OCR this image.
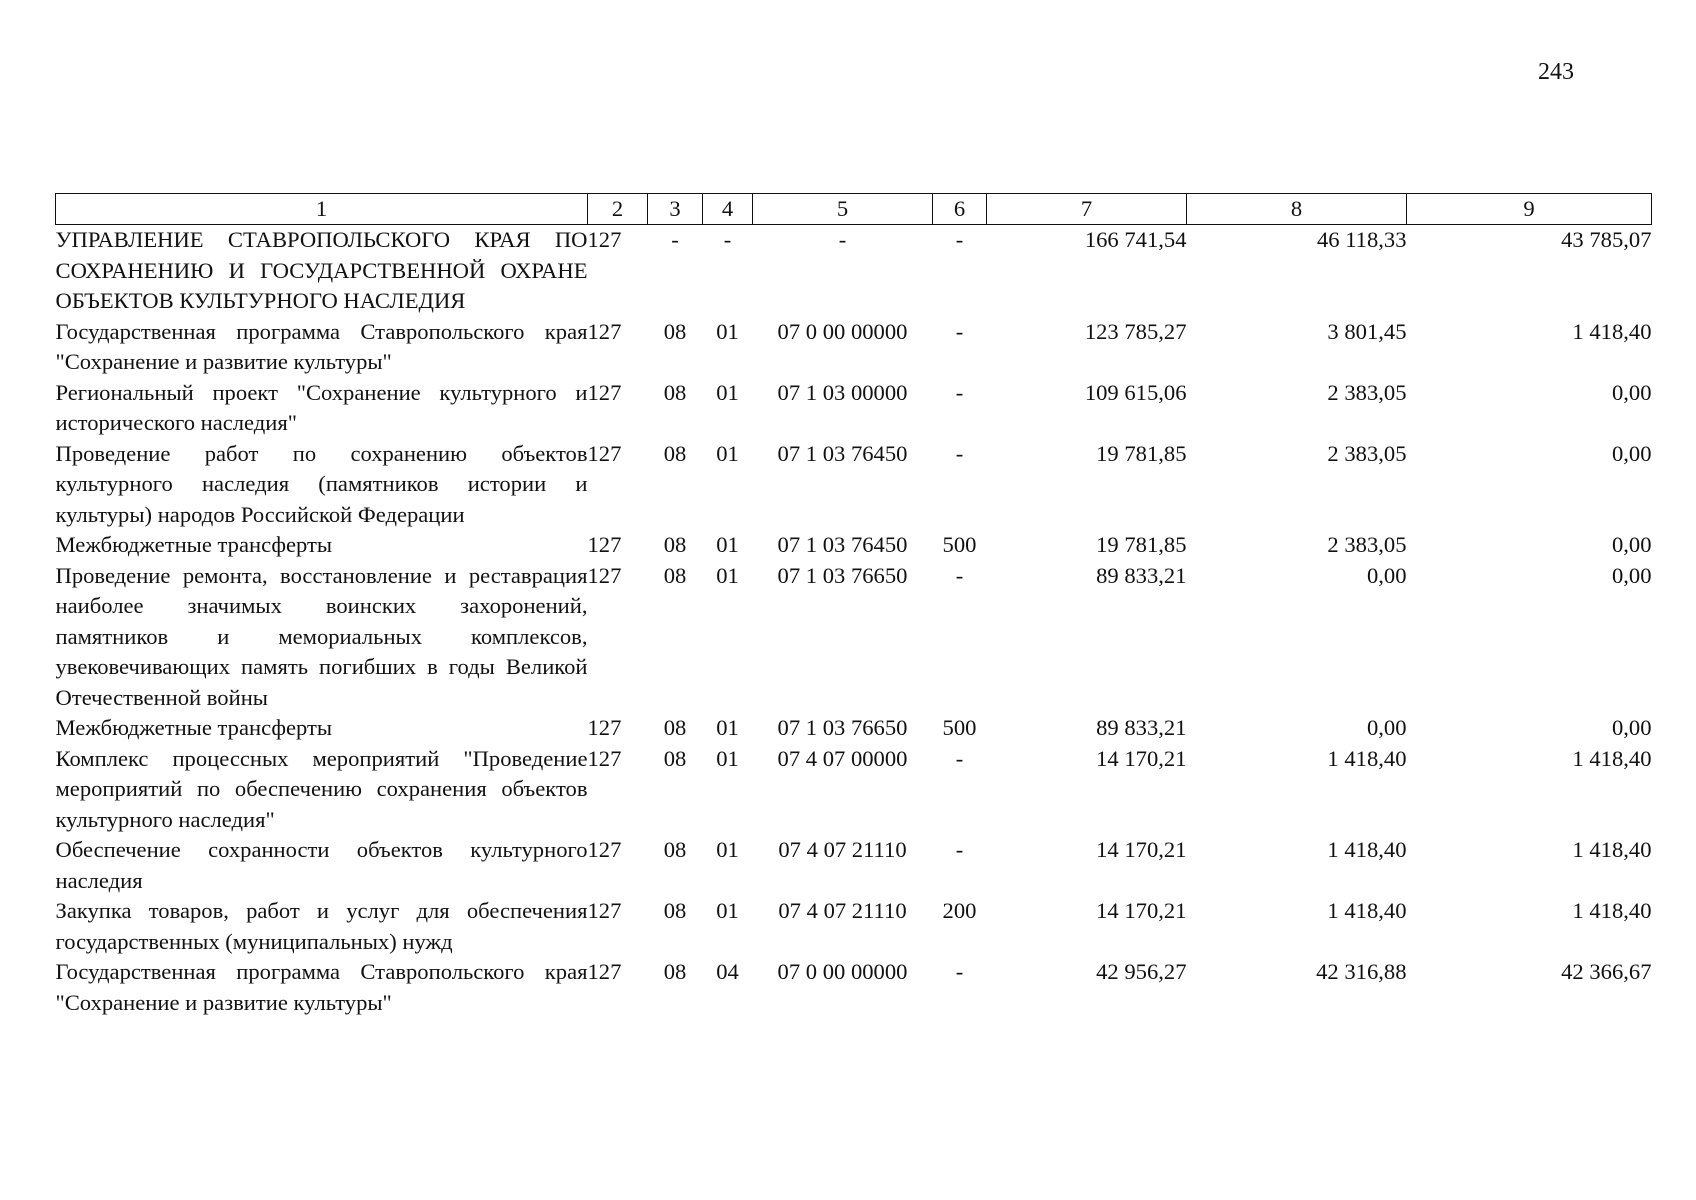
243
1	2	3	4	5	6	7	8	9
УПРАВЛЕНИЕ СТАВРОПОЛЬСКОГО КРАЯ ПО СОХРАНЕНИЮ И ГОСУДАРСТВЕННОЙ ОХРАНЕ ОБЪЕКТОВ КУЛЬТУРНОГО НАСЛЕДИЯ	127	-	-	-	-	166 741,54	46 118,33	43 785,07
Государственная программа Ставропольского края "Сохранение и развитие культуры"	127	08	01	07 0 00 00000	-	123 785,27	3 801,45	1 418,40
Региональный проект "Сохранение культурного и исторического наследия"	127	08	01	07 1 03 00000	-	109 615,06	2 383,05	0,00
Проведение работ по сохранению объектов культурного наследия (памятников истории и культуры) народов Российской Федерации	127	08	01	07 1 03 76450	-	19 781,85	2 383,05	0,00
Межбюджетные трансферты	127	08	01	07 1 03 76450	500	19 781,85	2 383,05	0,00
Проведение ремонта, восстановление и реставрация наиболее значимых воинских захоронений, памятников и мемориальных комплексов, увековечивающих память погибших в годы Великой Отечественной войны	127	08	01	07 1 03 76650	-	89 833,21	0,00	0,00
Межбюджетные трансферты	127	08	01	07 1 03 76650	500	89 833,21	0,00	0,00
Комплекс процессных мероприятий "Проведение мероприятий по обеспечению сохранения объектов культурного наследия"	127	08	01	07 4 07 00000	-	14 170,21	1 418,40	1 418,40
Обеспечение сохранности объектов культурного наследия	127	08	01	07 4 07 21110	-	14 170,21	1 418,40	1 418,40
Закупка товаров, работ и услуг для обеспечения государственных (муниципальных) нужд	127	08	01	07 4 07 21110	200	14 170,21	1 418,40	1 418,40
Государственная программа Ставропольского края "Сохранение и развитие культуры"	127	08	04	07 0 00 00000	-	42 956,27	42 316,88	42 366,67
